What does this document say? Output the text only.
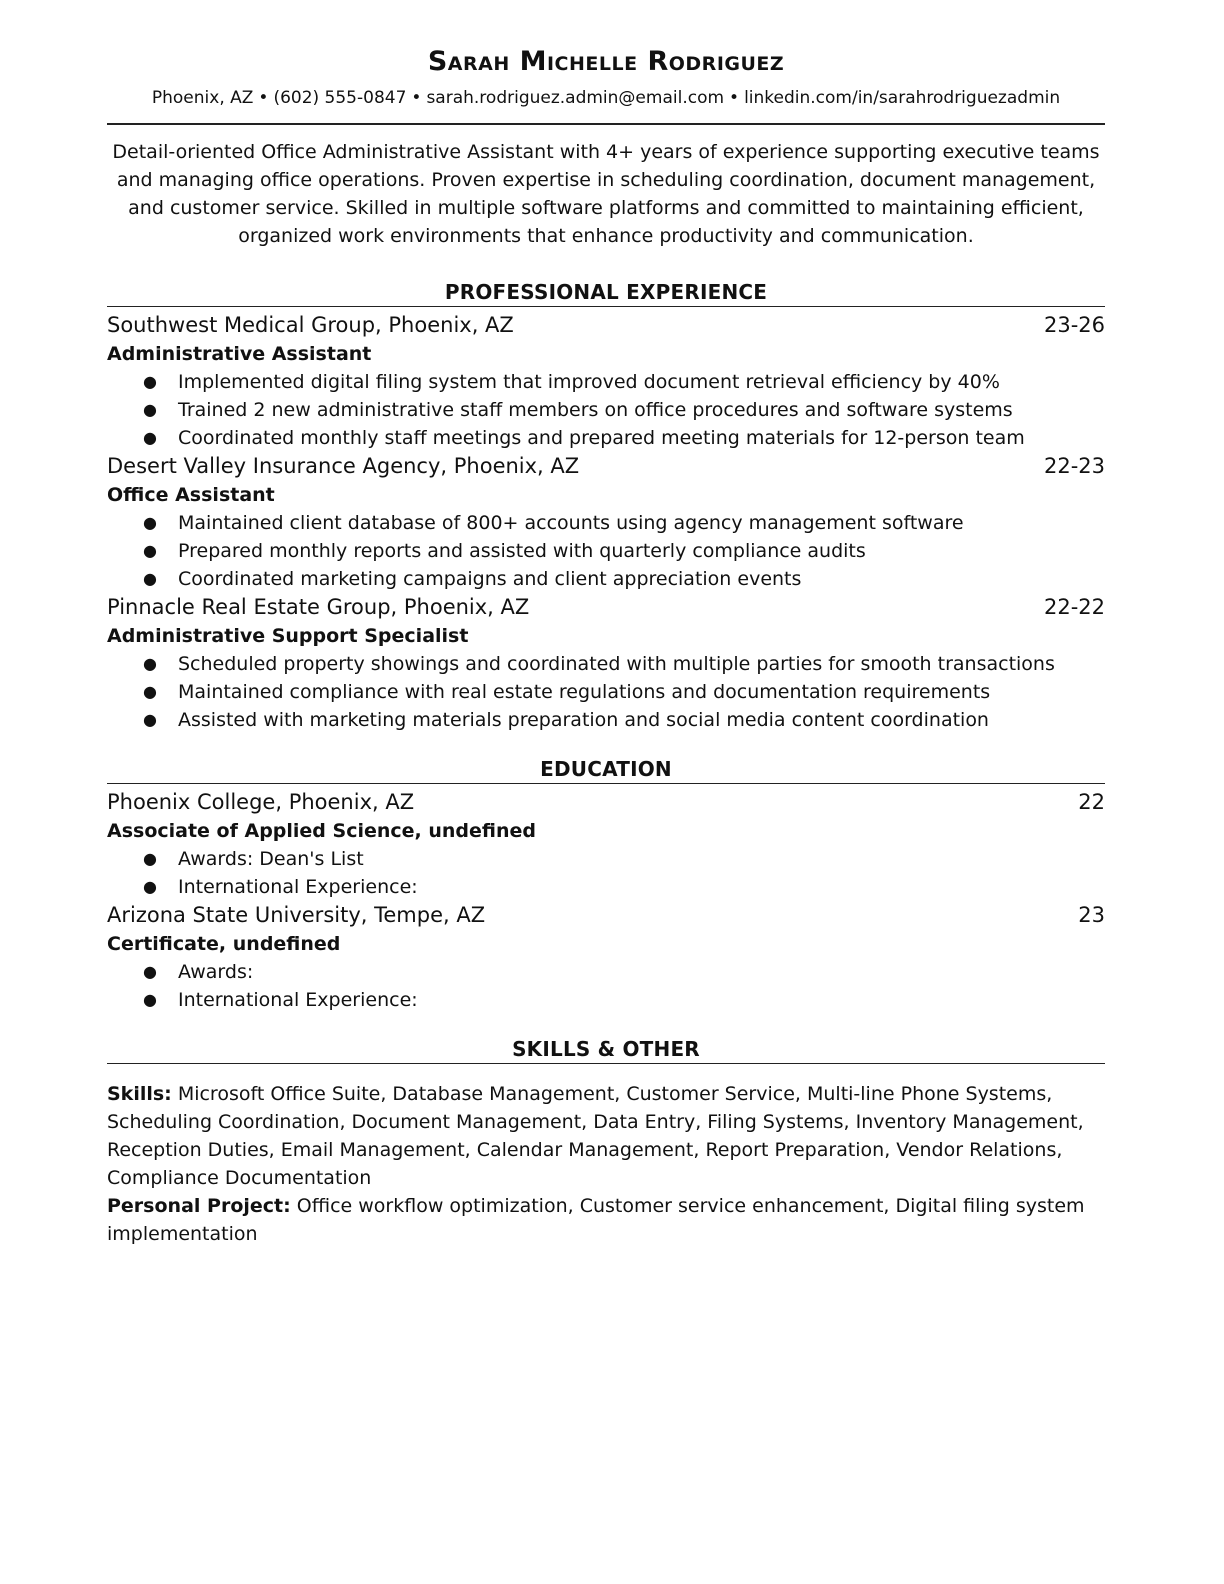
Sarah Michelle Rodriguez
Phoenix, AZ • (602) 555-0847 • sarah.rodriguez.admin@email.com • linkedin.com/in/sarahrodriguezadmin

Detail-oriented Office Administrative Assistant with 4+ years of experience supporting executive teams and managing office operations. Proven expertise in scheduling coordination, document management, and customer service. Skilled in multiple software platforms and committed to maintaining efficient, organized work environments that enhance productivity and communication.

PROFESSIONAL EXPERIENCE
Southwest Medical Group, Phoenix, AZ	23-26
Administrative Assistant
● Implemented digital filing system that improved document retrieval efficiency by 40%
● Trained 2 new administrative staff members on office procedures and software systems
● Coordinated monthly staff meetings and prepared meeting materials for 12-person team
Desert Valley Insurance Agency, Phoenix, AZ	22-23
Office Assistant
● Maintained client database of 800+ accounts using agency management software
● Prepared monthly reports and assisted with quarterly compliance audits
● Coordinated marketing campaigns and client appreciation events
Pinnacle Real Estate Group, Phoenix, AZ	22-22
Administrative Support Specialist
● Scheduled property showings and coordinated with multiple parties for smooth transactions
● Maintained compliance with real estate regulations and documentation requirements
● Assisted with marketing materials preparation and social media content coordination
EDUCATION
Phoenix College, Phoenix, AZ	22
Associate of Applied Science, undefined
● Awards: Dean's List
● International Experience:
Arizona State University, Tempe, AZ	23
Certificate, undefined
● Awards:
● International Experience:
SKILLS & OTHER
Skills: Microsoft Office Suite, Database Management, Customer Service, Multi-line Phone Systems, Scheduling Coordination, Document Management, Data Entry, Filing Systems, Inventory Management, Reception Duties, Email Management, Calendar Management, Report Preparation, Vendor Relations, Compliance Documentation
Personal Project: Office workflow optimization, Customer service enhancement, Digital filing system implementation
